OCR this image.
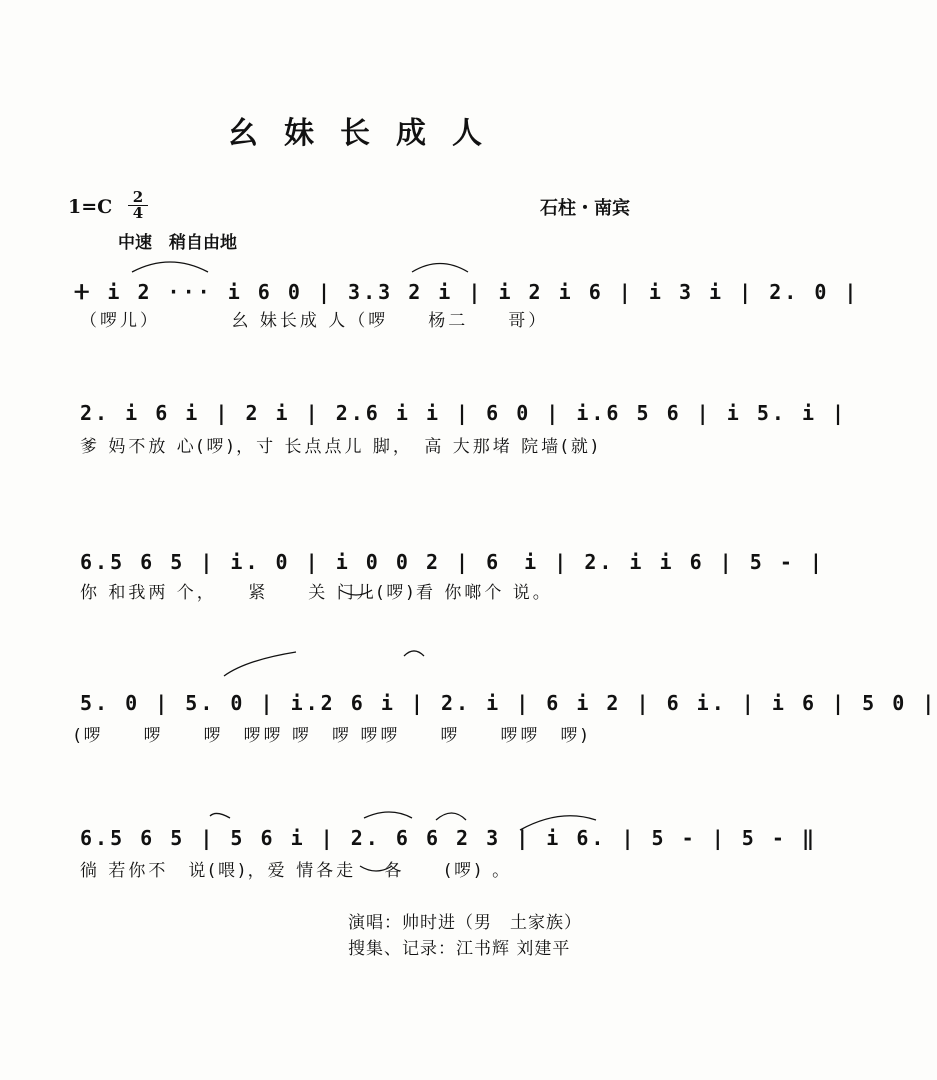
幺妹长成人
$1=C \frac{2}{4}$	石柱・南宾
中速　稍自由地
ⵜ i 2 ··· i 6 0 | 3.3 2 i | i 2 i 6 | i 3 i | 2. 0 |
（啰儿）　　　　幺 妹长成 人（啰　　杨二　　哥）
2. i 6 i | 2 i | 2.6 i i | 6 0 | i.6 5 6 | i 5. i |
爹 妈不放 心(啰)，寸 长点点儿 脚，　高 大那堵 院墙(就)
6.5 6 5 | i. 0 | i 0 0 2 | 6　i | 2. i i 6 | 5 - |
你 和我两 个，　　紧　　关 门儿(啰)看 你啷个 说。
5. 0 | 5. 0 | i.2 6 i | 2. i | 6 i 2 | 6 i. | i 6 | 5 0 |
(啰　　啰　　啰　啰啰 啰　啰 啰啰　　啰　　啰啰　啰)
6.5 6 5 | 5 6 i | 2. 6 6 2 3 | i 6. | 5 - | 5 - ‖
徜 若你不　说(喂)，爱 情各走　 各　　(啰) 。
演唱：帅时进（男　土家族）
搜集、记录：江书辉 刘建平
